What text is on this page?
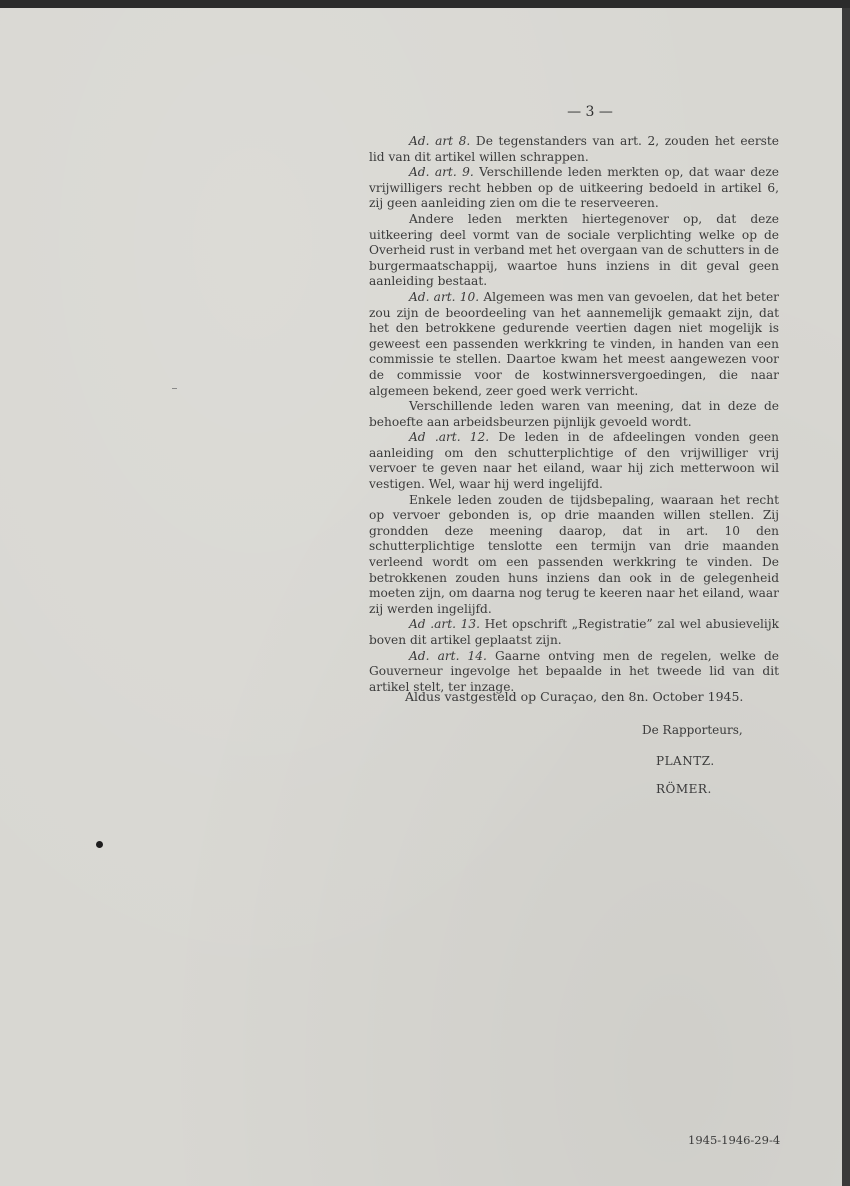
— 3 —

Ad. art 8. De tegenstanders van art. 2, zouden het eerste lid van dit artikel willen schrappen.

Ad. art. 9. Verschillende leden merkten op, dat waar deze vrijwilligers recht hebben op de uitkeering bedoeld in artikel 6, zij geen aanleiding zien om die te reserveeren.

Andere leden merkten hiertegenover op, dat deze uitkeering deel vormt van de sociale verplichting welke op de Overheid rust in verband met het overgaan van de schutters in de burgermaatschappij, waartoe huns inziens in dit geval geen aanleiding bestaat.

Ad. art. 10. Algemeen was men van gevoelen, dat het beter zou zijn de beoordeeling van het aannemelijk gemaakt zijn, dat het den betrokkene gedurende veertien dagen niet mogelijk is geweest een passenden werkkring te vinden, in handen van een commissie te stellen. Daartoe kwam het meest aangewezen voor de commissie voor de kostwinnersvergoedingen, die naar algemeen bekend, zeer goed werk verricht.

Verschillende leden waren van meening, dat in deze de behoefte aan arbeidsbeurzen pijnlijk gevoeld wordt.

Ad .art. 12. De leden in de afdeelingen vonden geen aanleiding om den schutterplichtige of den vrijwilliger vrij vervoer te geven naar het eiland, waar hij zich metterwoon wil vestigen. Wel, waar hij werd ingelijfd.

Enkele leden zouden de tijdsbepaling, waaraan het recht op vervoer gebonden is, op drie maanden willen stellen. Zij grondden deze meening daarop, dat in art. 10 den schutterplichtige tenslotte een termijn van drie maanden verleend wordt om een passenden werkkring te vinden. De betrokkenen zouden huns inziens dan ook in de gelegenheid moeten zijn, om daarna nog terug te keeren naar het eiland, waar zij werden ingelijfd.

Ad .art. 13. Het opschrift „Registratie” zal wel abusievelijk boven dit artikel geplaatst zijn.

Ad. art. 14. Gaarne ontving men de regelen, welke de Gouverneur ingevolge het bepaalde in het tweede lid van dit artikel stelt, ter inzage.

Aldus vastgesteld op Curaçao, den 8n. October 1945.
De Rapporteurs,
PLANTZ.
RÖMER.
1945-1946-29-4
